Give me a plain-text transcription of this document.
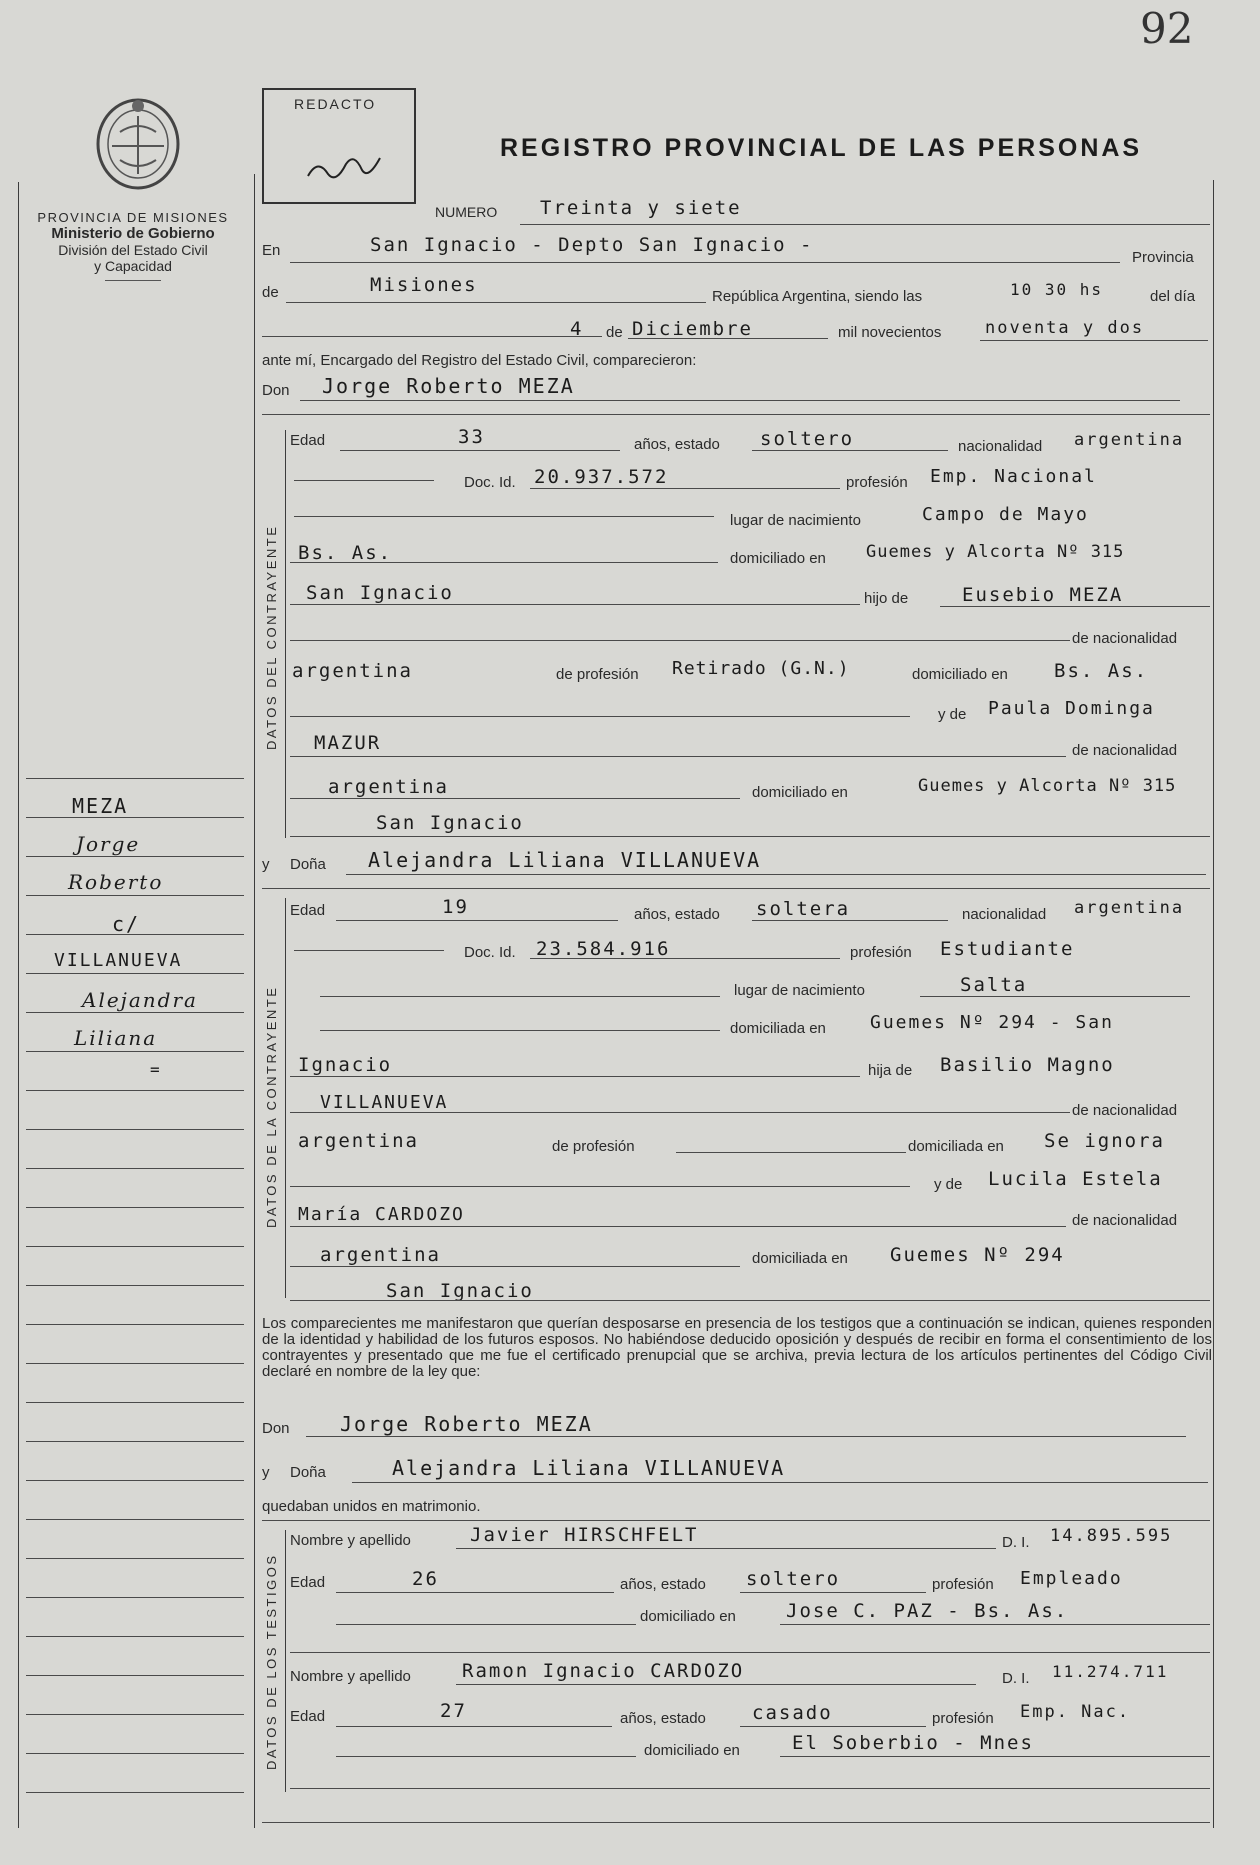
92
PROVINCIA DE MISIONES
Ministerio de Gobierno
División del Estado Civil
y Capacidad
REDACTO
REGISTRO PROVINCIAL DE LAS PERSONAS
DATOS DEL CONTRAYENTE
DATOS DE LA CONTRAYENTE
DATOS DE LOS TESTIGOS
MEZA
Jorge
Roberto
c/
VILLANUEVA
Alejandra
Liliana
=
NUMERO Treinta y siete
En	San Ignacio - Depto San Ignacio -
Provincia
de	Misiones
República Argentina, siendo las	10 30 hs	del día
4 de Diciembre	mil novecientos	noventa y dos
ante mí, Encargado del Registro del Estado Civil, comparecieron:
Don Jorge Roberto MEZA
Edad	33	años, estado soltero	nacionalidad argentina
Doc. Id. 20.937.572	profesión Emp. Nacional
lugar de nacimiento	Campo de Mayo
Bs. As.	domiciliado en Guemes y Alcorta Nº 315
San Ignacio	hijo de	Eusebio MEZA
de nacionalidad
argentina	de profesión Retirado (G.N.)	domiciliado en Bs. As.
y de Paula Dominga
MAZUR	de nacionalidad
argentina	domiciliado en	Guemes y Alcorta Nº 315
San Ignacio
y Doña Alejandra Liliana VILLANUEVA
Edad	19	años, estado soltera	nacionalidad argentina
Doc. Id. 23.584.916	profesión Estudiante
lugar de nacimiento	Salta
domiciliada en Guemes Nº 294 - San
Ignacio	hija de Basilio Magno
VILLANUEVA	de nacionalidad
argentina	de profesión	domiciliada en Se ignora
y de Lucila Estela
María CARDOZO	de nacionalidad
argentina	domiciliada en Guemes Nº 294
San Ignacio
Los comparecientes me manifestaron que querían desposarse en presencia de los testigos que a continuación se indican, quienes responden de la identidad y habilidad de los futuros esposos. No habiéndose deducido oposición y después de recibir en forma el consentimiento de los contrayentes y presentado que me fue el certificado prenupcial que se archiva, previa lectura de los artículos pertinentes del Código Civil declaré en nombre de la ley que:
Don	Jorge Roberto MEZA
y Doña	Alejandra Liliana VILLANUEVA
quedaban unidos en matrimonio.
Nombre y apellido	Javier HIRSCHFELT	D. I. 14.895.595
Edad	26	años, estado soltero	profesión Empleado
domiciliado en	Jose C. PAZ - Bs. As.
Nombre y apellido	Ramon Ignacio CARDOZO	D. I. 11.274.711
Edad	27	años, estado casado	profesión Emp. Nac.
domiciliado en	El Soberbio - Mnes
